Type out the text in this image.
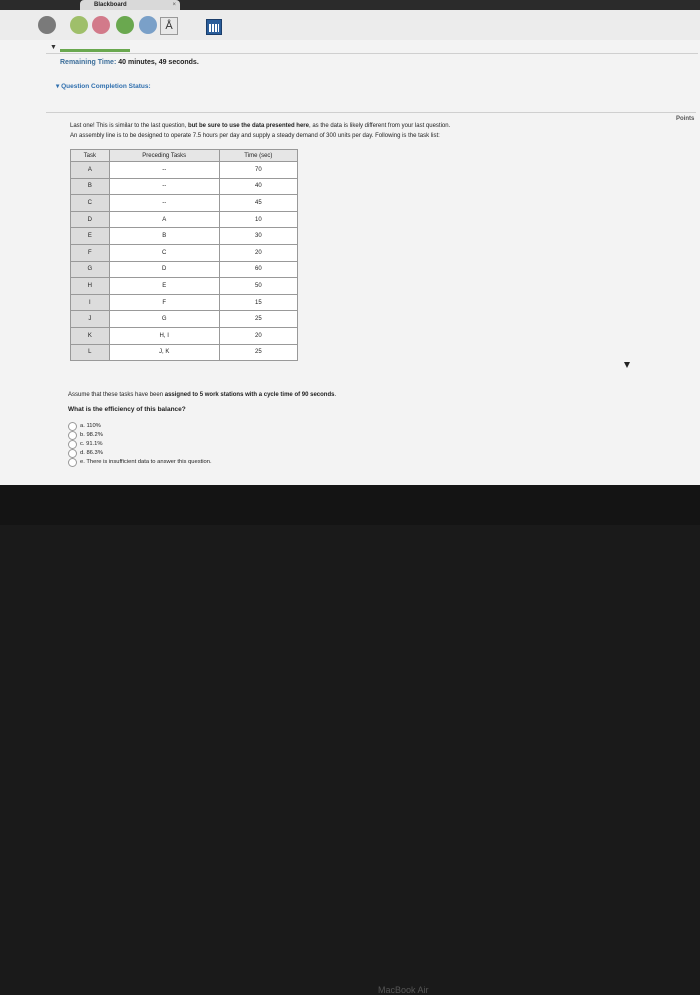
Blackboard	×
Å
▼
Remaining Time: 40 minutes, 49 seconds.
▾ Question Completion Status:
Points
Last one! This is similar to the last question, but be sure to use the data presented here, as the data is likely different from your last question.
An assembly line is to be designed to operate 7.5 hours per day and supply a steady demand of 300 units per day. Following is the task list:
Task	Preceding Tasks	Time (sec)
A	--	70
B	--	40
C	--	45
D	A	10
E	B	30
F	C	20
G	D	60
H	E	50
I	F	15
J	G	25
K	H, I	20
L	J, K	25
Assume that these tasks have been assigned to 5 work stations with a cycle time of 90 seconds.
What is the efficiency of this balance?
a. 110%
b. 98.2%
c. 91.1%
d. 86.3%
e. There is insufficient data to answer this question.
MacBook Air
